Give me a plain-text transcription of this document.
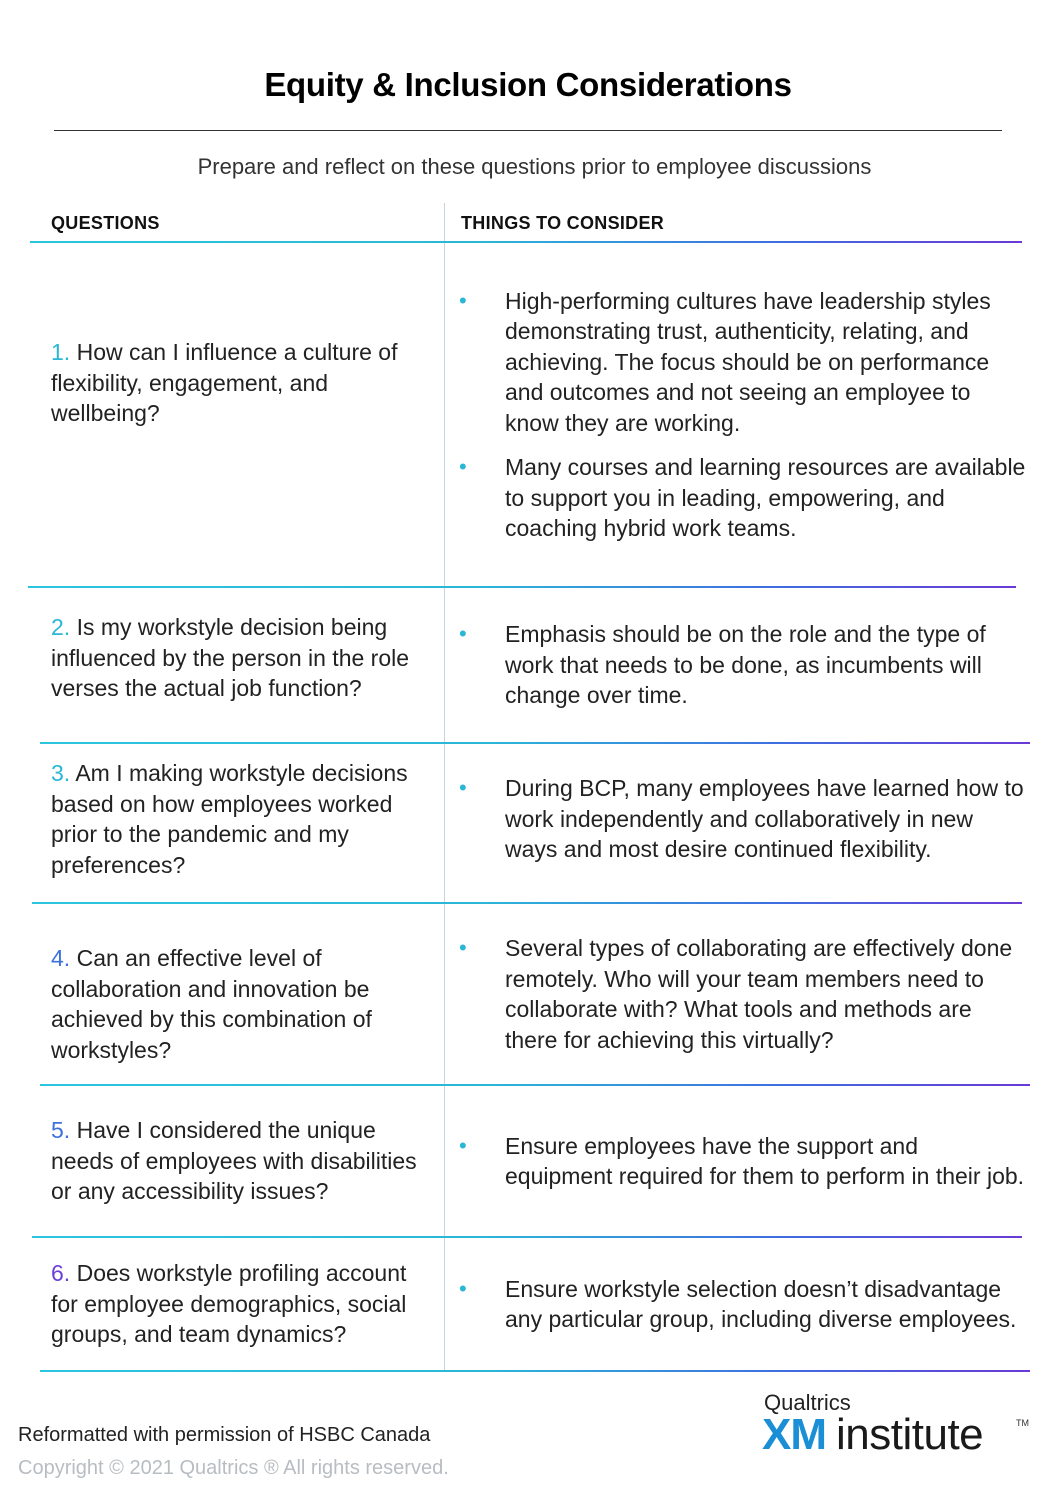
Equity & Inclusion Considerations
Prepare and reflect on these questions prior to employee discussions
QUESTIONS	THINGS TO CONSIDER
1. How can I influence a culture of flexibility, engagement, and wellbeing?
• High-performing cultures have leadership styles demonstrating trust, authenticity, relating, and achieving. The focus should be on performance and outcomes and not seeing an employee to know they are working.
• Many courses and learning resources are available to support you in leading, empowering, and coaching hybrid work teams.
2. Is my workstyle decision being influenced by the person in the role verses the actual job function?
• Emphasis should be on the role and the type of work that needs to be done, as incumbents will change over time.
3. Am I making workstyle decisions based on how employees worked prior to the pandemic and my preferences?
• During BCP, many employees have learned how to work independently and collaboratively in new ways and most desire continued flexibility.
4. Can an effective level of collaboration and innovation be achieved by this combination of workstyles?
• Several types of collaborating are effectively done remotely. Who will your team members need to collaborate with? What tools and methods are there for achieving this virtually?
5. Have I considered the unique needs of employees with disabilities or any accessibility issues?
• Ensure employees have the support and equipment required for them to perform in their job.
6. Does workstyle profiling account for employee demographics, social groups, and team dynamics?
• Ensure workstyle selection doesn’t disadvantage any particular group, including diverse employees.
Reformatted with permission of HSBC Canada
Copyright © 2021 Qualtrics ® All rights reserved.
Qualtrics
XM institute	TM
